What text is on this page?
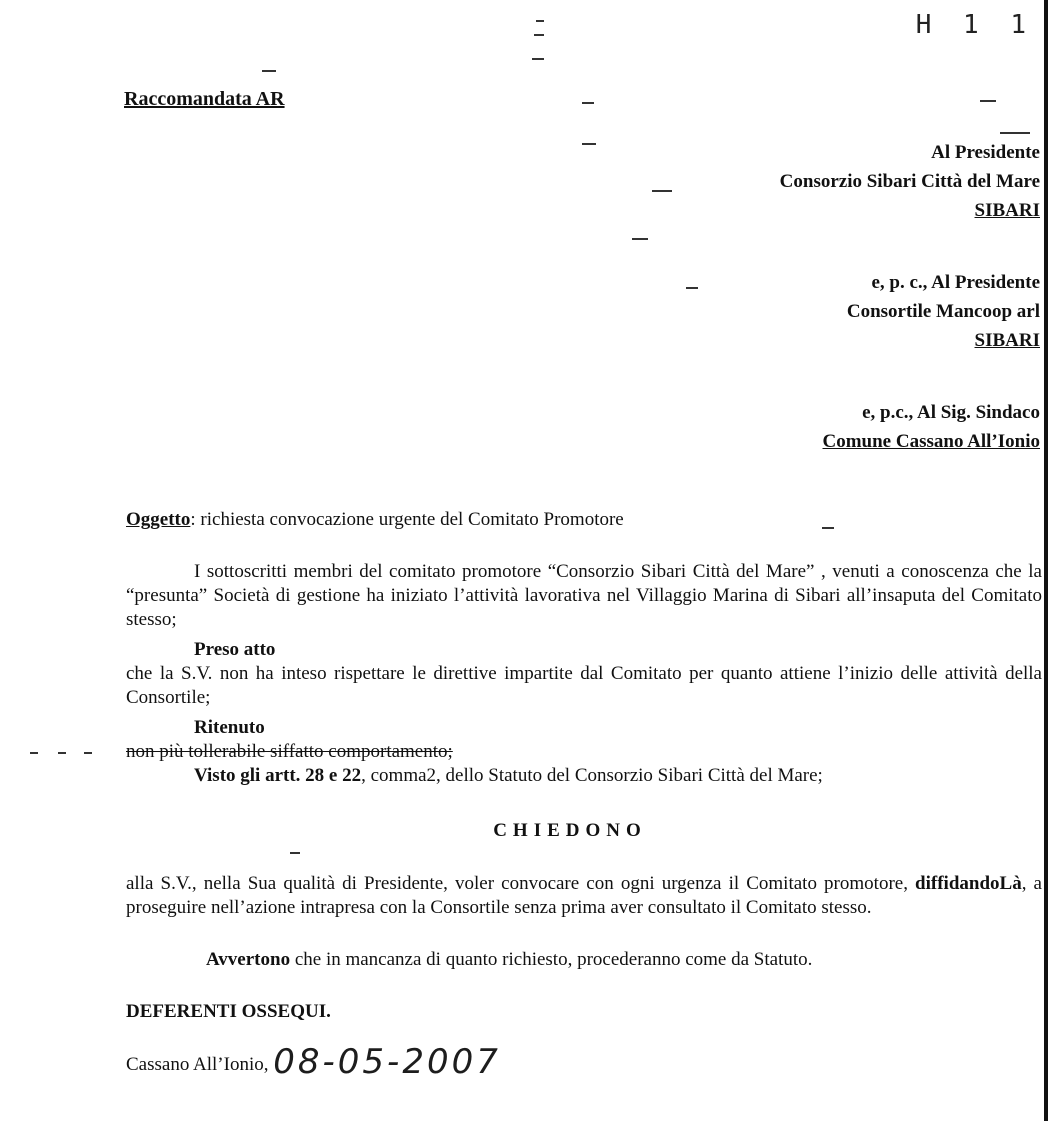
H 1 1
Raccomandata AR
Al Presidente
Consorzio Sibari Città del Mare
SIBARI
e, p. c., Al Presidente
Consortile Mancoop arl
SIBARI
e, p.c., Al Sig. Sindaco
Comune Cassano All’Ionio
Oggetto: richiesta convocazione urgente del Comitato Promotore
I sottoscritti membri del comitato promotore “Consorzio Sibari Città del Mare” , venuti a conoscenza che la “presunta” Società di gestione ha iniziato l’attività lavorativa nel Villaggio Marina di Sibari all’insaputa del Comitato stesso;
Preso atto
che la S.V. non ha inteso rispettare le direttive impartite dal Comitato per quanto attiene l’inizio delle attività della Consortile;
Ritenuto
non più tollerabile siffatto comportamento;
Visto gli artt. 28 e 22, comma2, dello Statuto del Consorzio Sibari Città del Mare;
CHIEDONO
alla S.V., nella Sua qualità di Presidente, voler convocare con ogni urgenza il Comitato promotore, diffidandoLà, a proseguire nell’azione intrapresa con la Consortile senza prima aver consultato il Comitato stesso.
Avvertono che in mancanza di quanto richiesto, procederanno come da Statuto.
DEFERENTI OSSEQUI.
Cassano All’Ionio, 08-05-2007
